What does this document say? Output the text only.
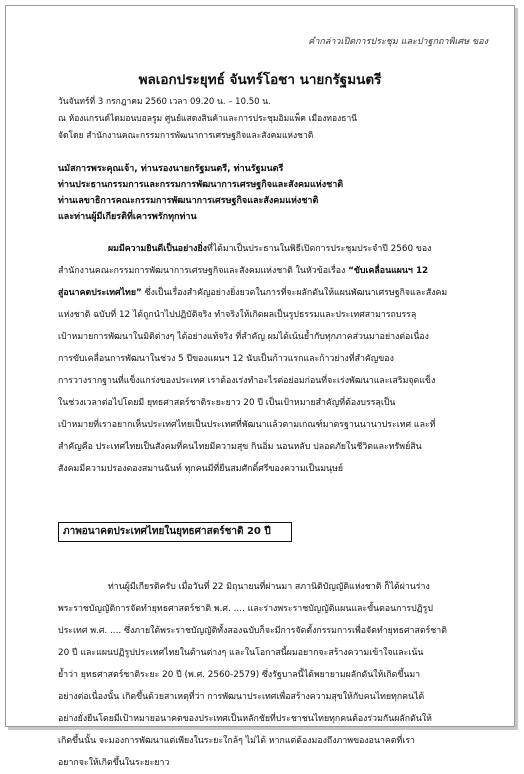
คำกล่าวเปิดการประชุม และปาฐกถาพิเศษ ของ
พลเอกประยุทธ์ จันทร์โอชา นายกรัฐมนตรี
วันจันทร์ที่ 3 กรกฎาคม 2560 เวลา 09.20 น. – 10.50 น.
ณ ห้องแกรนด์ไดมอนบอลรูม ศูนย์แสดงสินค้าและการประชุมอิมแพ็ค เมืองทองธานี
จัดโดย สำนักงานคณะกรรมการพัฒนาการเศรษฐกิจและสังคมแห่งชาติ
นมัสการพระคุณเจ้า, ท่านรองนายกรัฐมนตรี, ท่านรัฐมนตรี
ท่านประธานกรรมการและกรรมการพัฒนาการเศรษฐกิจและสังคมแห่งชาติ
ท่านเลขาธิการคณะกรรมการพัฒนาการเศรษฐกิจและสังคมแห่งชาติ
และท่านผู้มีเกียรติที่เคารพรักทุกท่าน
ผมมีความยินดีเป็นอย่างยิ่งที่ได้มาเป็นประธานในพิธีเปิดการประชุมประจำปี 2560 ของ
สำนักงานคณะกรรมการพัฒนาการเศรษฐกิจและสังคมแห่งชาติ ในหัวข้อเรื่อง “ขับเคลื่อนแผนฯ 12
สู่อนาคตประเทศไทย” ซึ่งเป็นเรื่องสำคัญอย่างยิ่งยวดในการที่จะผลักดันให้แผนพัฒนาเศรษฐกิจและสังคม
แห่งชาติ ฉบับที่ 12 ได้ถูกนำไปปฏิบัติจริง ทำจริงให้เกิดผลเป็นรูปธรรมและประเทศสามารถบรรลุ
เป้าหมายการพัฒนาในมิติต่างๆ ได้อย่างแท้จริง ที่สำคัญ ผมได้เน้นย้ำกับทุกภาคส่วนมาอย่างต่อเนื่อง
การขับเคลื่อนการพัฒนาในช่วง 5 ปีของแผนฯ 12 นับเป็นก้าวแรกและก้าวย่างที่สำคัญของ
การวางรากฐานที่แข็งแกร่งของประเทศ เราต้องเร่งทำอะไรต่อย่อมก่อนที่จะเร่งพัฒนาและเสริมจุดแข็ง
ในช่วงเวลาต่อไปโดยมี ยุทธศาสตร์ชาติระยะยาว 20 ปี เป็นเป้าหมายสำคัญที่ต้องบรรลุเป็น
เป้าหมายที่เราอยากเห็นประเทศไทยเป็นประเทศที่พัฒนาแล้วตามเกณฑ์มาตรฐานนานาประเทศ และที่
สำคัญคือ ประเทศไทยเป็นสังคมที่คนไทยมีความสุข กินอิ่ม นอนหลับ ปลอดภัยในชีวิตและทรัพย์สิน
สังคมมีความปรองดองสมานฉันท์ ทุกคนมีที่ยืนสมศักดิ์ศรีของความเป็นมนุษย์
ภาพอนาคตประเทศไทยในยุทธศาสตร์ชาติ 20 ปี
ท่านผู้มีเกียรติครับ เมื่อวันที่ 22 มิถุนายนที่ผ่านมา สภานิติบัญญัติแห่งชาติ ก็ได้ผ่านร่าง
พระราชบัญญัติการจัดทำยุทธศาสตร์ชาติ พ.ศ. .... และร่างพระราชบัญญัติแผนและขั้นตอนการปฏิรูป
ประเทศ พ.ศ. .... ซึ่งภายใต้พระราชบัญญัติทั้งสองฉบับก็จะมีการจัดตั้งกรรมการเพื่อจัดทำยุทธศาสตร์ชาติ
20 ปี และแผนปฏิรูปประเทศไทยในด้านต่างๆ และในโอกาสนี้ผมอยากจะสร้างความเข้าใจและเน้น
ย้ำว่า ยุทธศาสตร์ชาติระยะ 20 ปี (พ.ศ. 2560-2579) ซึ่งรัฐบาลนี้ได้พยายามผลักดันให้เกิดขึ้นมา
อย่างต่อเนื่องนั้น เกิดขึ้นด้วยสาเหตุที่ว่า การพัฒนาประเทศเพื่อสร้างความสุขให้กับคนไทยทุกคนได้
อย่างยั่งยืนโดยมีเป้าหมายอนาคตของประเทศเป็นหลักชัยที่ประชาชนไทยทุกคนต้องร่วมกันผลักดันให้
เกิดขึ้นนั้น จะมองการพัฒนาแต่เพียงในระยะใกล้ๆ ไม่ได้ หากแต่ต้องมองถึงภาพของอนาคตที่เรา
อยากจะให้เกิดขึ้นในระยะยาว
